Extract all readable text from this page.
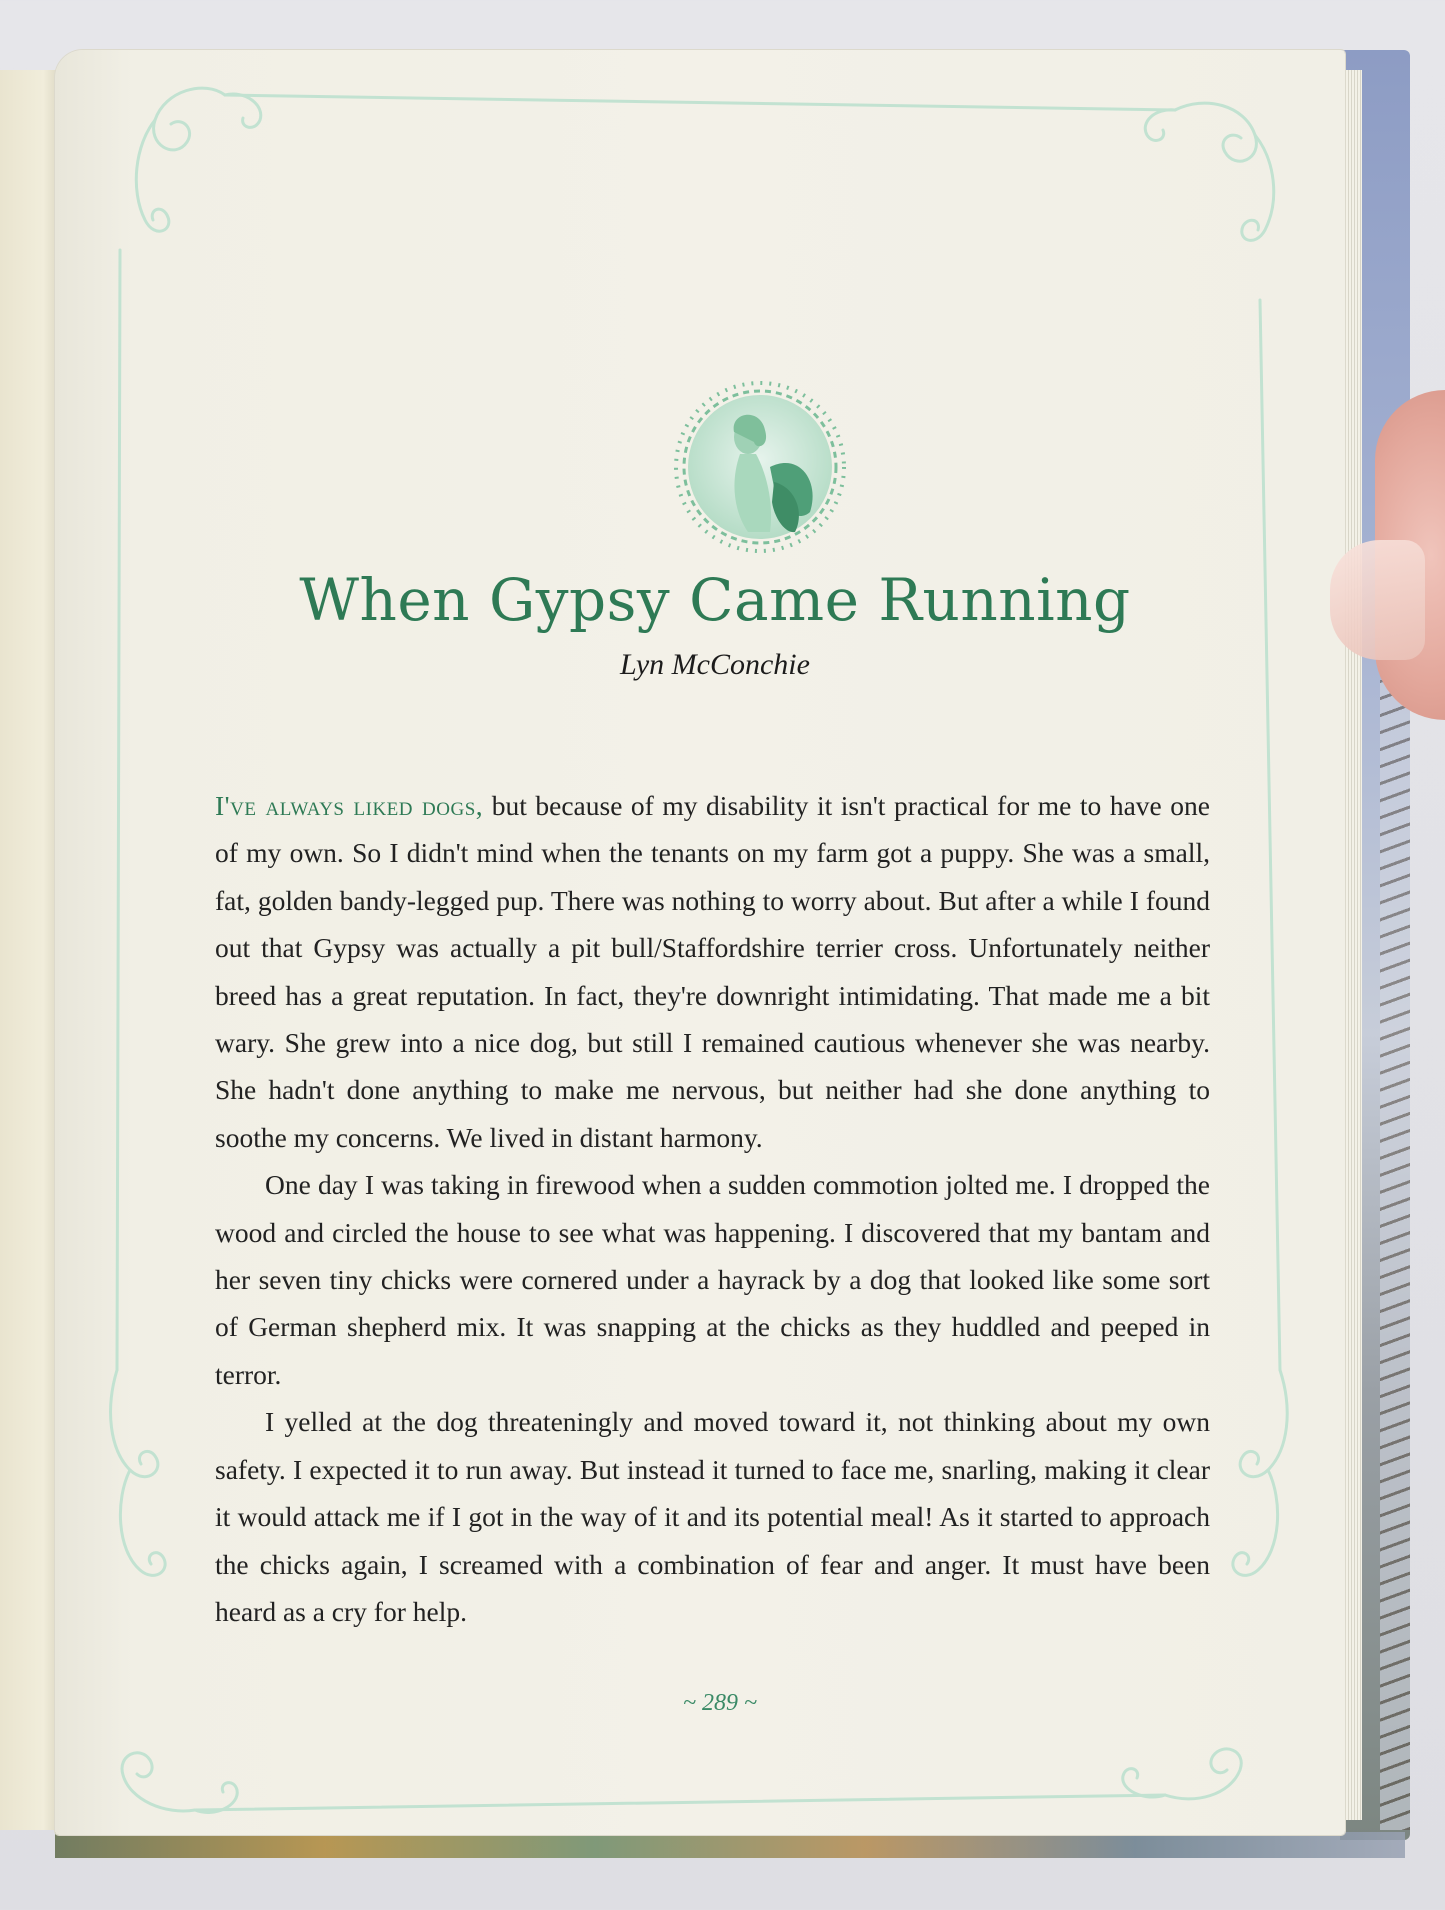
When Gypsy Came Running
Lyn McConchie

I've always liked dogs, but because of my disability it isn't practical for me to have one of my own. So I didn't mind when the tenants on my farm got a puppy. She was a small, fat, golden bandy-legged pup. There was nothing to worry about. But after a while I found out that Gypsy was actually a pit bull/Staffordshire terrier cross. Unfortunately neither breed has a great reputation. In fact, they're downright intimidating. That made me a bit wary. She grew into a nice dog, but still I remained cautious whenever she was nearby. She hadn't done anything to make me nervous, but neither had she done anything to soothe my concerns. We lived in distant harmony.

One day I was taking in firewood when a sudden commotion jolted me. I dropped the wood and circled the house to see what was happening. I discovered that my bantam and her seven tiny chicks were cornered under a hayrack by a dog that looked like some sort of German shepherd mix. It was snapping at the chicks as they huddled and peeped in terror.

I yelled at the dog threateningly and moved toward it, not thinking about my own safety. I expected it to run away. But instead it turned to face me, snarling, making it clear it would attack me if I got in the way of it and its potential meal! As it started to approach the chicks again, I screamed with a combination of fear and anger. It must have been heard as a cry for help.

~ 289 ~
